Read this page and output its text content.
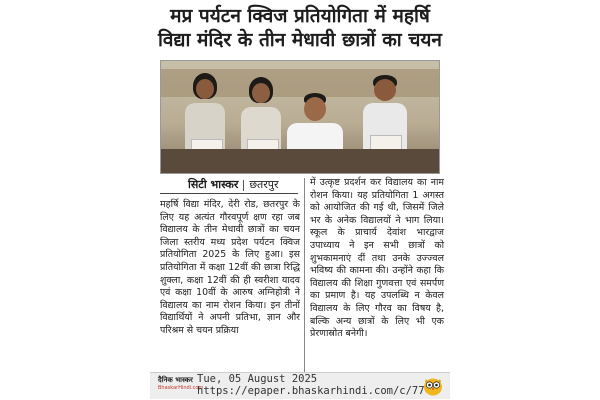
मप्र पर्यटन क्विज प्रतियोगिता में महर्षि
विद्या मंदिर के तीन मेधावी छात्रों का चयन
सिटी भास्कर छतरपुर
महर्षि विद्या मंदिर, देरी रोड, छतरपुर के लिए यह अत्यंत गौरवपूर्ण क्षण रहा जब विद्यालय के तीन मेधावी छात्रों का चयन जिला स्तरीय मध्य प्रदेश पर्यटन क्विज प्रतियोगिता 2025 के लिए हुआ। इस प्रतियोगिता में कक्षा 12वीं की छात्रा रिद्धि शुक्ला, कक्षा 12वीं की ही स्वरीशा यादव एवं कक्षा 10वीं के आरुष अग्निहोत्री ने विद्यालय का नाम रोशन किया। इन तीनों विद्यार्थियों ने अपनी प्रतिभा, ज्ञान और परिश्रम से चयन प्रक्रिया
में उत्कृष्ट प्रदर्शन कर विद्यालय का नाम रोशन किया। यह प्रतियोगिता 1 अगस्त को आयोजित की गई थी, जिसमें जिले भर के अनेक विद्यालयों ने भाग लिया। स्कूल के प्राचार्य देवांश भारद्वाज उपाध्याय ने इन सभी छात्रों को शुभकामनाएं दीं तथा उनके उज्ज्वल भविष्य की कामना की। उन्होंने कहा कि विद्यालय की शिक्षा गुणवत्ता एवं समर्पण का प्रमाण है। यह उपलब्धि न केवल विद्यालय के लिए गौरव का विषय है, बल्कि अन्य छात्रों के लिए भी एक प्रेरणास्रोत बनेगी।
दैनिक भास्कर
BhaskarHindi.com
Tue, 05 August 2025
https://epaper.bhaskarhindi.com/c/77
